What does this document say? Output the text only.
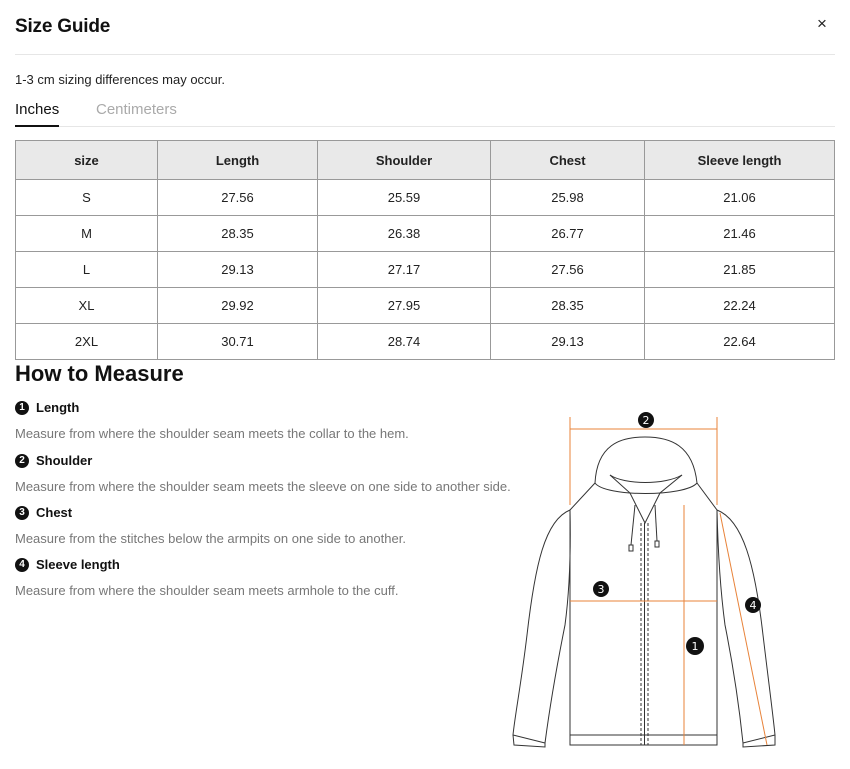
Size Guide	×
1-3 cm sizing differences may occur.
Inches Centimeters
size	Length	Shoulder	Chest	Sleeve length
S	27.56	25.59	25.98	21.06
M	28.35	26.38	26.77	21.46
L	29.13	27.17	27.56	21.85
XL	29.92	27.95	28.35	22.24
2XL	30.71	28.74	29.13	22.64
How to Measure
1 Length
Measure from where the shoulder seam meets the collar to the hem.
2 Shoulder
Measure from where the shoulder seam meets the sleeve on one side to another side.
3 Chest
Measure from the stitches below the armpits on one side to another.
4 Sleeve length
Measure from where the shoulder seam meets armhole to the cuff.
2
3
1
4
